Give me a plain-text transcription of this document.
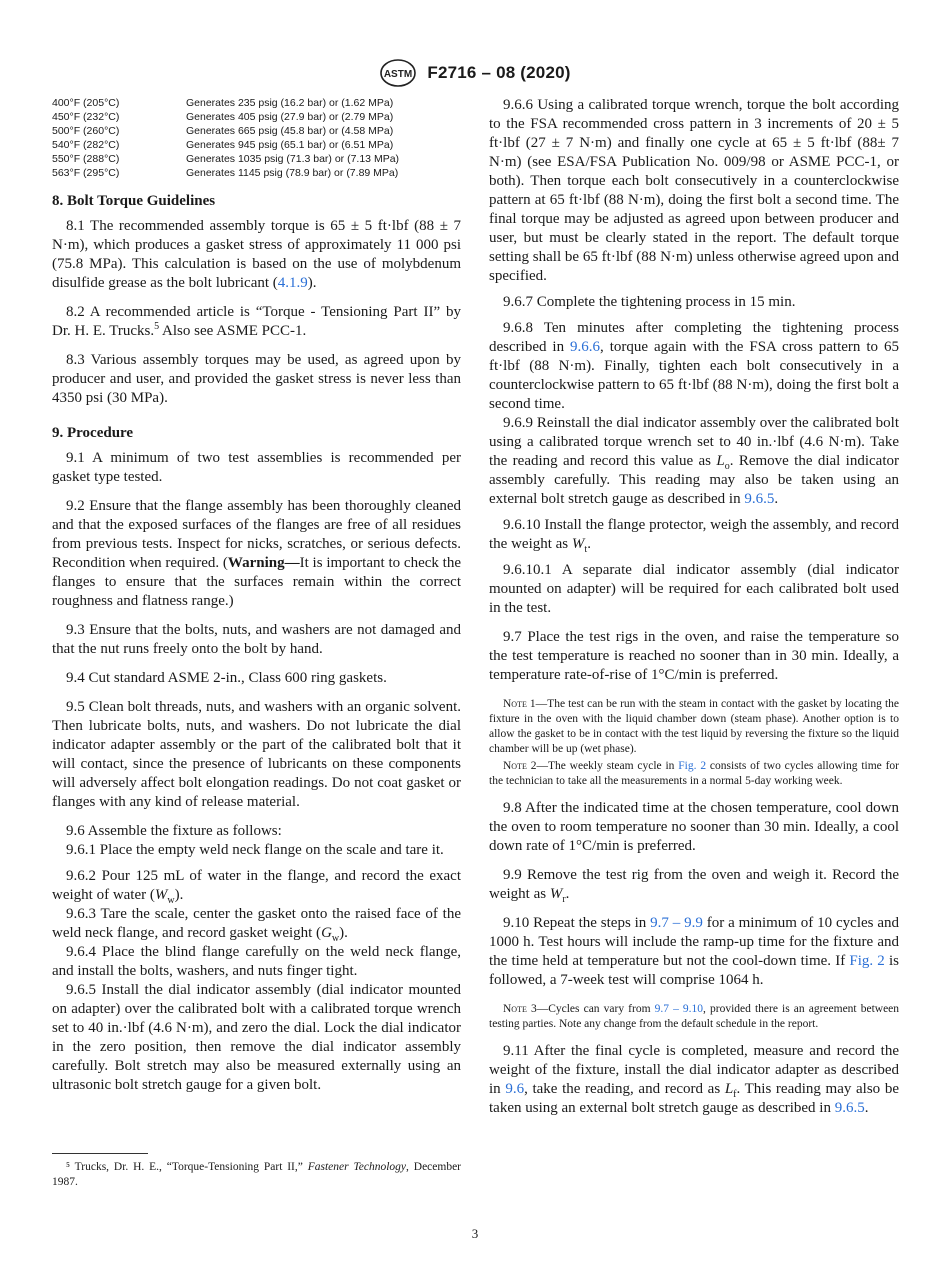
ASTM F2716 – 08 (2020)
400°F (205°C)	Generates 235 psig (16.2 bar) or (1.62 MPa)
450°F (232°C)	Generates 405 psig (27.9 bar) or (2.79 MPa)
500°F (260°C)	Generates 665 psig (45.8 bar) or (4.58 MPa)
540°F (282°C)	Generates 945 psig (65.1 bar) or (6.51 MPa)
550°F (288°C)	Generates 1035 psig (71.3 bar) or (7.13 MPa)
563°F (295°C)	Generates 1145 psig (78.9 bar) or (7.89 MPa)
8. Bolt Torque Guidelines

8.1 The recommended assembly torque is 65 ± 5 ft·lbf (88 ± 7 N·m), which produces a gasket stress of approximately 11 000 psi (75.8 MPa). This calculation is based on the use of molybdenum disulfide grease as the bolt lubricant (4.1.9).

8.2 A recommended article is “Torque - Tensioning Part II” by Dr. H. E. Trucks.$^5$ Also see ASME PCC-1.

8.3 Various assembly torques may be used, as agreed upon by producer and user, and provided the gasket stress is never less than 4350 psi (30 MPa).

9. Procedure

9.1 A minimum of two test assemblies is recommended per gasket type tested.

9.2 Ensure that the flange assembly has been thoroughly cleaned and that the exposed surfaces of the flanges are free of all residues from previous tests. Inspect for nicks, scratches, or serious defects. Recondition when required. (Warning—It is important to check the flanges to ensure that the surfaces remain within the correct roughness and flatness range.)

9.3 Ensure that the bolts, nuts, and washers are not damaged and that the nut runs freely onto the bolt by hand.

9.4 Cut standard ASME 2-in., Class 600 ring gaskets.

9.5 Clean bolt threads, nuts, and washers with an organic solvent. Then lubricate bolts, nuts, and washers. Do not lubricate the dial indicator adapter assembly or the part of the calibrated bolt that it will contact, since the presence of lubricants on these components will adversely affect bolt elongation readings. Do not coat gasket or flanges with any kind of release material.

9.6 Assemble the fixture as follows:

9.6.1 Place the empty weld neck flange on the scale and tare it.

9.6.2 Pour 125 mL of water in the flange, and record the exact weight of water $(W_w)$.

9.6.3 Tare the scale, center the gasket onto the raised face of the weld neck flange, and record gasket weight $(G_w)$.

9.6.4 Place the blind flange carefully on the weld neck flange, and install the bolts, washers, and nuts finger tight.

9.6.5 Install the dial indicator assembly (dial indicator mounted on adapter) over the calibrated bolt with a calibrated torque wrench set to 40 in.·lbf (4.6 N·m), and zero the dial. Lock the dial indicator in the zero position, then remove the dial indicator assembly carefully. Bolt stretch may also be measured externally using an ultrasonic bolt stretch gauge for a given bolt.

⁵ Trucks, Dr. H. E., “Torque-Tensioning Part II,” Fastener Technology, December 1987.

9.6.6 Using a calibrated torque wrench, torque the bolt according to the FSA recommended cross pattern in 3 increments of 20 ± 5 ft·lbf (27 ± 7 N·m) and finally one cycle at 65 ± 5 ft·lbf (88± 7 N·m) (see ESA/FSA Publication No. 009/98 or ASME PCC-1, or both). Then torque each bolt consecutively in a counterclockwise pattern at 65 ft·lbf (88 N·m), doing the first bolt a second time. The final torque may be adjusted as agreed upon between producer and user, but must be clearly stated in the report. The default torque setting shall be 65 ft·lbf (88 N·m) unless otherwise agreed upon and specified.

9.6.7 Complete the tightening process in 15 min.

9.6.8 Ten minutes after completing the tightening process described in 9.6.6, torque again with the FSA cross pattern to 65 ft·lbf (88 N·m). Finally, tighten each bolt consecutively in a counterclockwise pattern to 65 ft·lbf (88 N·m), doing the first bolt a second time.

9.6.9 Reinstall the dial indicator assembly over the calibrated bolt using a calibrated torque wrench set to 40 in.·lbf (4.6 N·m). Take the reading and record this value as $L_o$. Remove the dial indicator assembly carefully. This reading may also be taken using an external bolt stretch gauge as described in 9.6.5.

9.6.10 Install the flange protector, weigh the assembly, and record the weight as $W_t$.

9.6.10.1 A separate dial indicator assembly (dial indicator mounted on adapter) will be required for each calibrated bolt used in the test.

9.7 Place the test rigs in the oven, and raise the temperature so the test temperature is reached no sooner than in 30 min. Ideally, a temperature rate-of-rise of 1°C/min is preferred.

Note 1—The test can be run with the steam in contact with the gasket by locating the fixture in the oven with the liquid chamber down (steam phase). Another option is to allow the gasket to be in contact with the test liquid by reversing the fixture so the liquid chamber will be up (wet phase).

Note 2—The weekly steam cycle in Fig. 2 consists of two cycles allowing time for the technician to take all the measurements in a normal 5-day working week.

9.8 After the indicated time at the chosen temperature, cool down the oven to room temperature no sooner than 30 min. Ideally, a cool down rate of 1°C/min is preferred.

9.9 Remove the test rig from the oven and weigh it. Record the weight as $W_r$.

9.10 Repeat the steps in 9.7 – 9.9 for a minimum of 10 cycles and 1000 h. Test hours will include the ramp-up time for the fixture and the time held at temperature but not the cool-down time. If Fig. 2 is followed, a 7-week test will comprise 1064 h.

Note 3—Cycles can vary from 9.7 – 9.10, provided there is an agreement between testing parties. Note any change from the default schedule in the report.

9.11 After the final cycle is completed, measure and record the weight of the fixture, install the dial indicator adapter as described in 9.6, take the reading, and record as $L_f$. This reading may also be taken using an external bolt stretch gauge as described in 9.6.5.

3
